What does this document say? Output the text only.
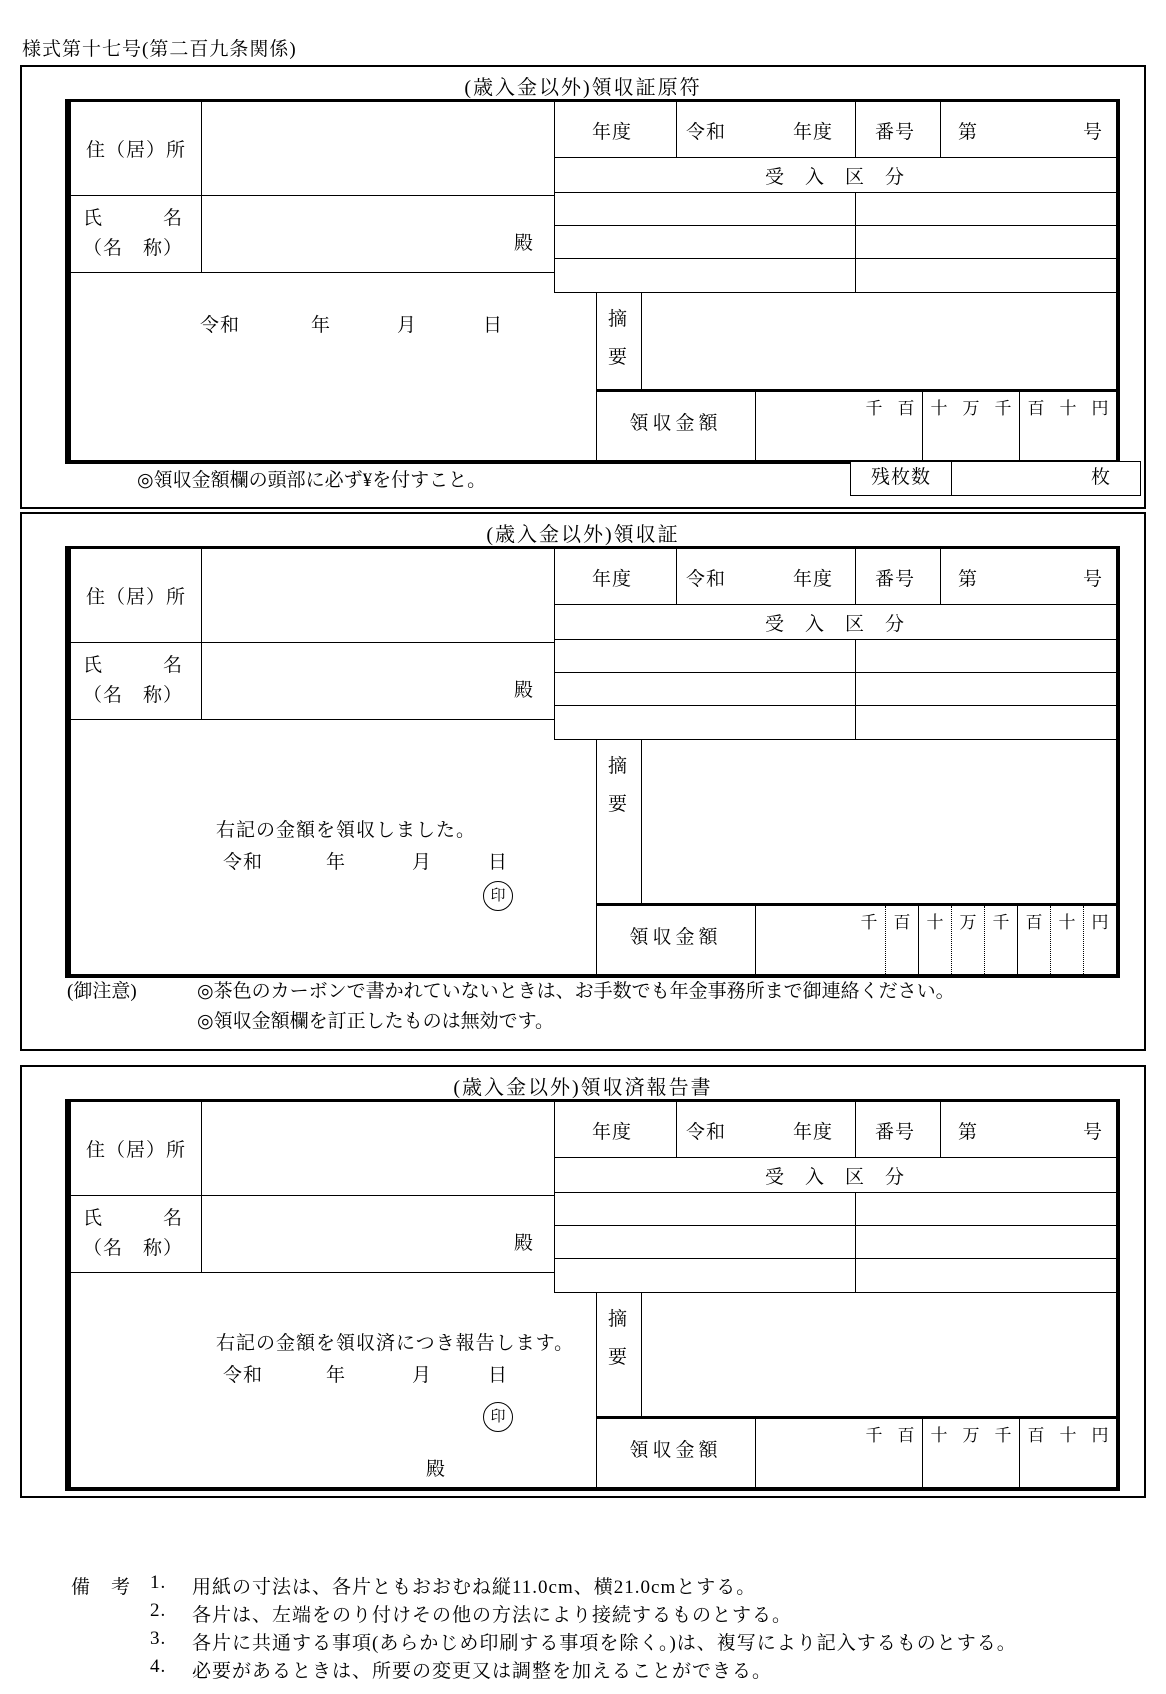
様式第十七号(第二百九条関係)
(歳入金以外)領収証原符
住（居）所
氏　　　名
（名　称）	殿
年度	令和	年度 番号 第	号
受　入　区　分
摘
要
令和	年	月	日
領収金額
千 百 十 万 千 百 十 円
◎領収金額欄の頭部に必ず¥を付すこと。	残枚数	枚
(歳入金以外)領収証
住（居）所
氏　　　名
（名　称）	殿
年度	令和	年度 番号 第	号
受　入　区　分
摘
要
右記の金額を領収しました。
令和	年	月	日
印
領収金額
千 百 十 万 千 百 十 円
(御注意)	◎茶色のカーボンで書かれていないときは、お手数でも年金事務所まで御連絡ください。
◎領収金額欄を訂正したものは無効です。
(歳入金以外)領収済報告書
住（居）所
氏　　　名
（名　称）	殿
年度	令和	年度 番号 第	号
受　入　区　分
摘
要
右記の金額を領収済につき報告します。
令和	年	月	日
印
殿
領収金額
千 百 十 万 千 百 十 円
備　考 1. 用紙の寸法は、各片ともおおむね縦11.0cm、横21.0cmとする。
2. 各片は、左端をのり付けその他の方法により接続するものとする。
3. 各片に共通する事項(あらかじめ印刷する事項を除く。)は、複写により記入するものとする。
4. 必要があるときは、所要の変更又は調整を加えることができる。
